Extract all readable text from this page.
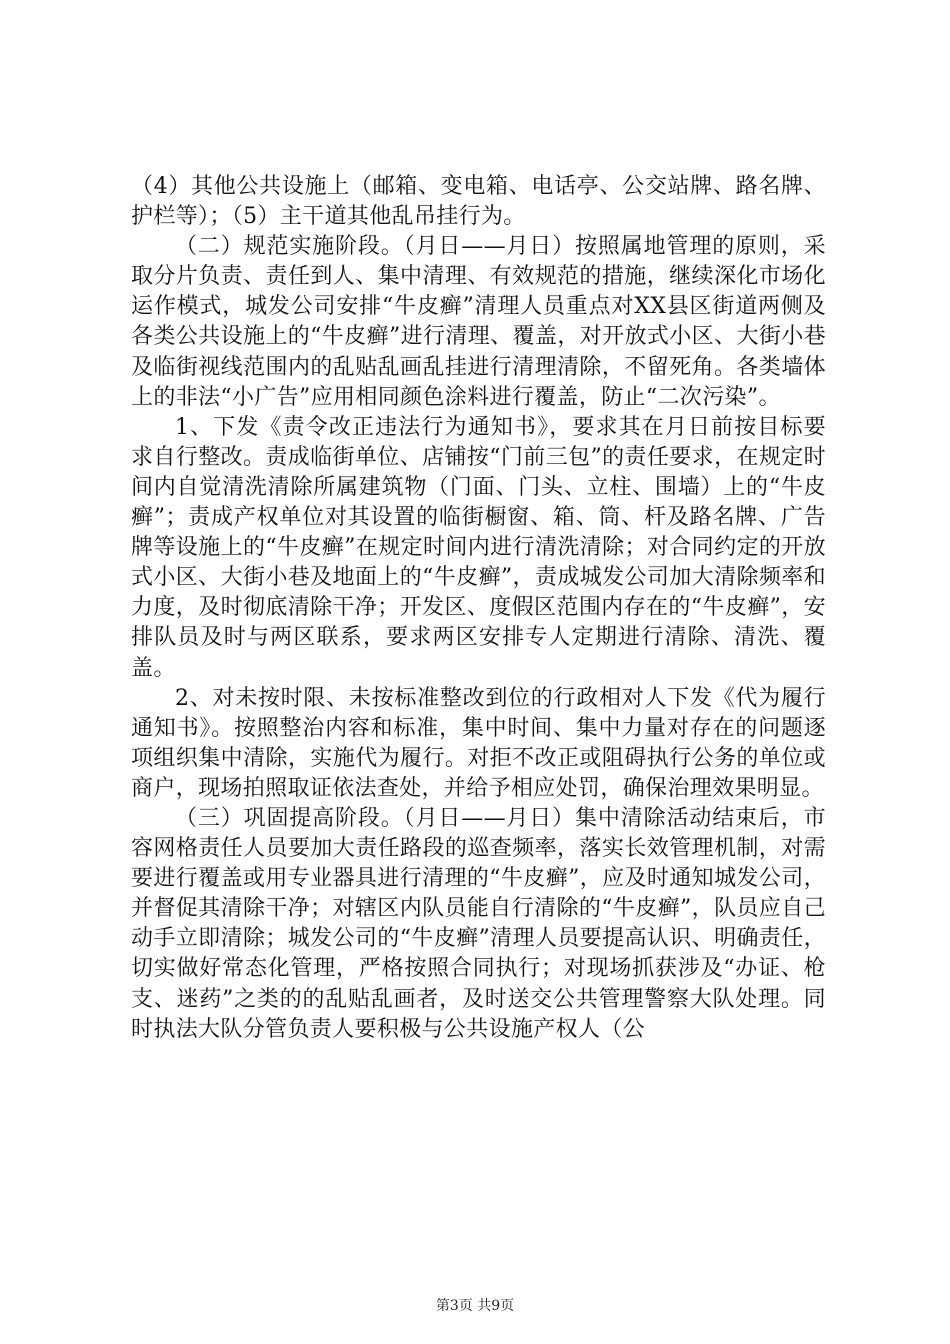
（4）其他公共设施上（邮箱、变电箱、电话亭、公交站牌、路名牌、护栏等）；（5）主干道其他乱吊挂行为。

（二）规范实施阶段。（月日——月日）按照属地管理的原则，采取分片负责、责任到人、集中清理、有效规范的措施，继续深化市场化运作模式，城发公司安排“牛皮癣”清理人员重点对XX县区街道两侧及各类公共设施上的“牛皮癣”进行清理、覆盖，对开放式小区、大街小巷及临街视线范围内的乱贴乱画乱挂进行清理清除，不留死角。各类墙体上的非法“小广告”应用相同颜色涂料进行覆盖，防止“二次污染”。

1、下发《责令改正违法行为通知书》，要求其在月日前按目标要求自行整改。责成临街单位、店铺按“门前三包”的责任要求，在规定时间内自觉清洗清除所属建筑物（门面、门头、立柱、围墙）上的“牛皮癣”；责成产权单位对其设置的临街橱窗、箱、筒、杆及路名牌、广告牌等设施上的“牛皮癣”在规定时间内进行清洗清除；对合同约定的开放式小区、大街小巷及地面上的“牛皮癣”，责成城发公司加大清除频率和力度，及时彻底清除干净；开发区、度假区范围内存在的“牛皮癣”，安排队员及时与两区联系，要求两区安排专人定期进行清除、清洗、覆盖。

2、对未按时限、未按标准整改到位的行政相对人下发《代为履行通知书》。按照整治内容和标准，集中时间、集中力量对存在的问题逐项组织集中清除，实施代为履行。对拒不改正或阻碍执行公务的单位或商户，现场拍照取证依法查处，并给予相应处罚，确保治理效果明显。

（三）巩固提高阶段。（月日——月日）集中清除活动结束后，市容网格责任人员要加大责任路段的巡查频率，落实长效管理机制，对需要进行覆盖或用专业器具进行清理的“牛皮癣”，应及时通知城发公司，并督促其清除干净；对辖区内队员能自行清除的“牛皮癣”，队员应自己动手立即清除；城发公司的“牛皮癣”清理人员要提高认识、明确责任，切实做好常态化管理，严格按照合同执行；对现场抓获涉及“办证、枪支、迷药”之类的的乱贴乱画者，及时送交公共管理警察大队处理。同时执法大队分管负责人要积极与公共设施产权人（公

第3页 共9页
